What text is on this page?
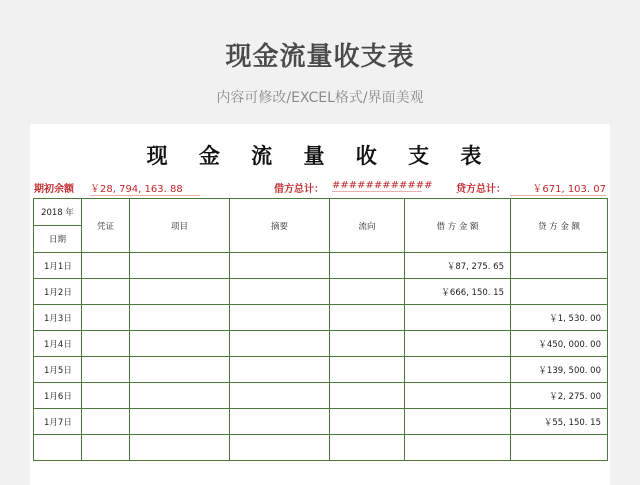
现金流量收支表
内容可修改/EXCEL格式/界面美观
现 金 流 量 收 支 表
期初余额 ￥28, 794, 163. 88	借方总计： ############ 贷方总计：	￥671, 103. 07
2018 年	凭证	项目	摘要	流向	借 方 金 额	贷 方 金 额
日期						
1月1日					￥87, 275. 65	
1月2日					￥666, 150. 15	
1月3日						￥1, 530. 00
1月4日						￥450, 000. 00
1月5日						￥139, 500. 00
1月6日						￥2, 275. 00
1月7日						￥55, 150. 15
